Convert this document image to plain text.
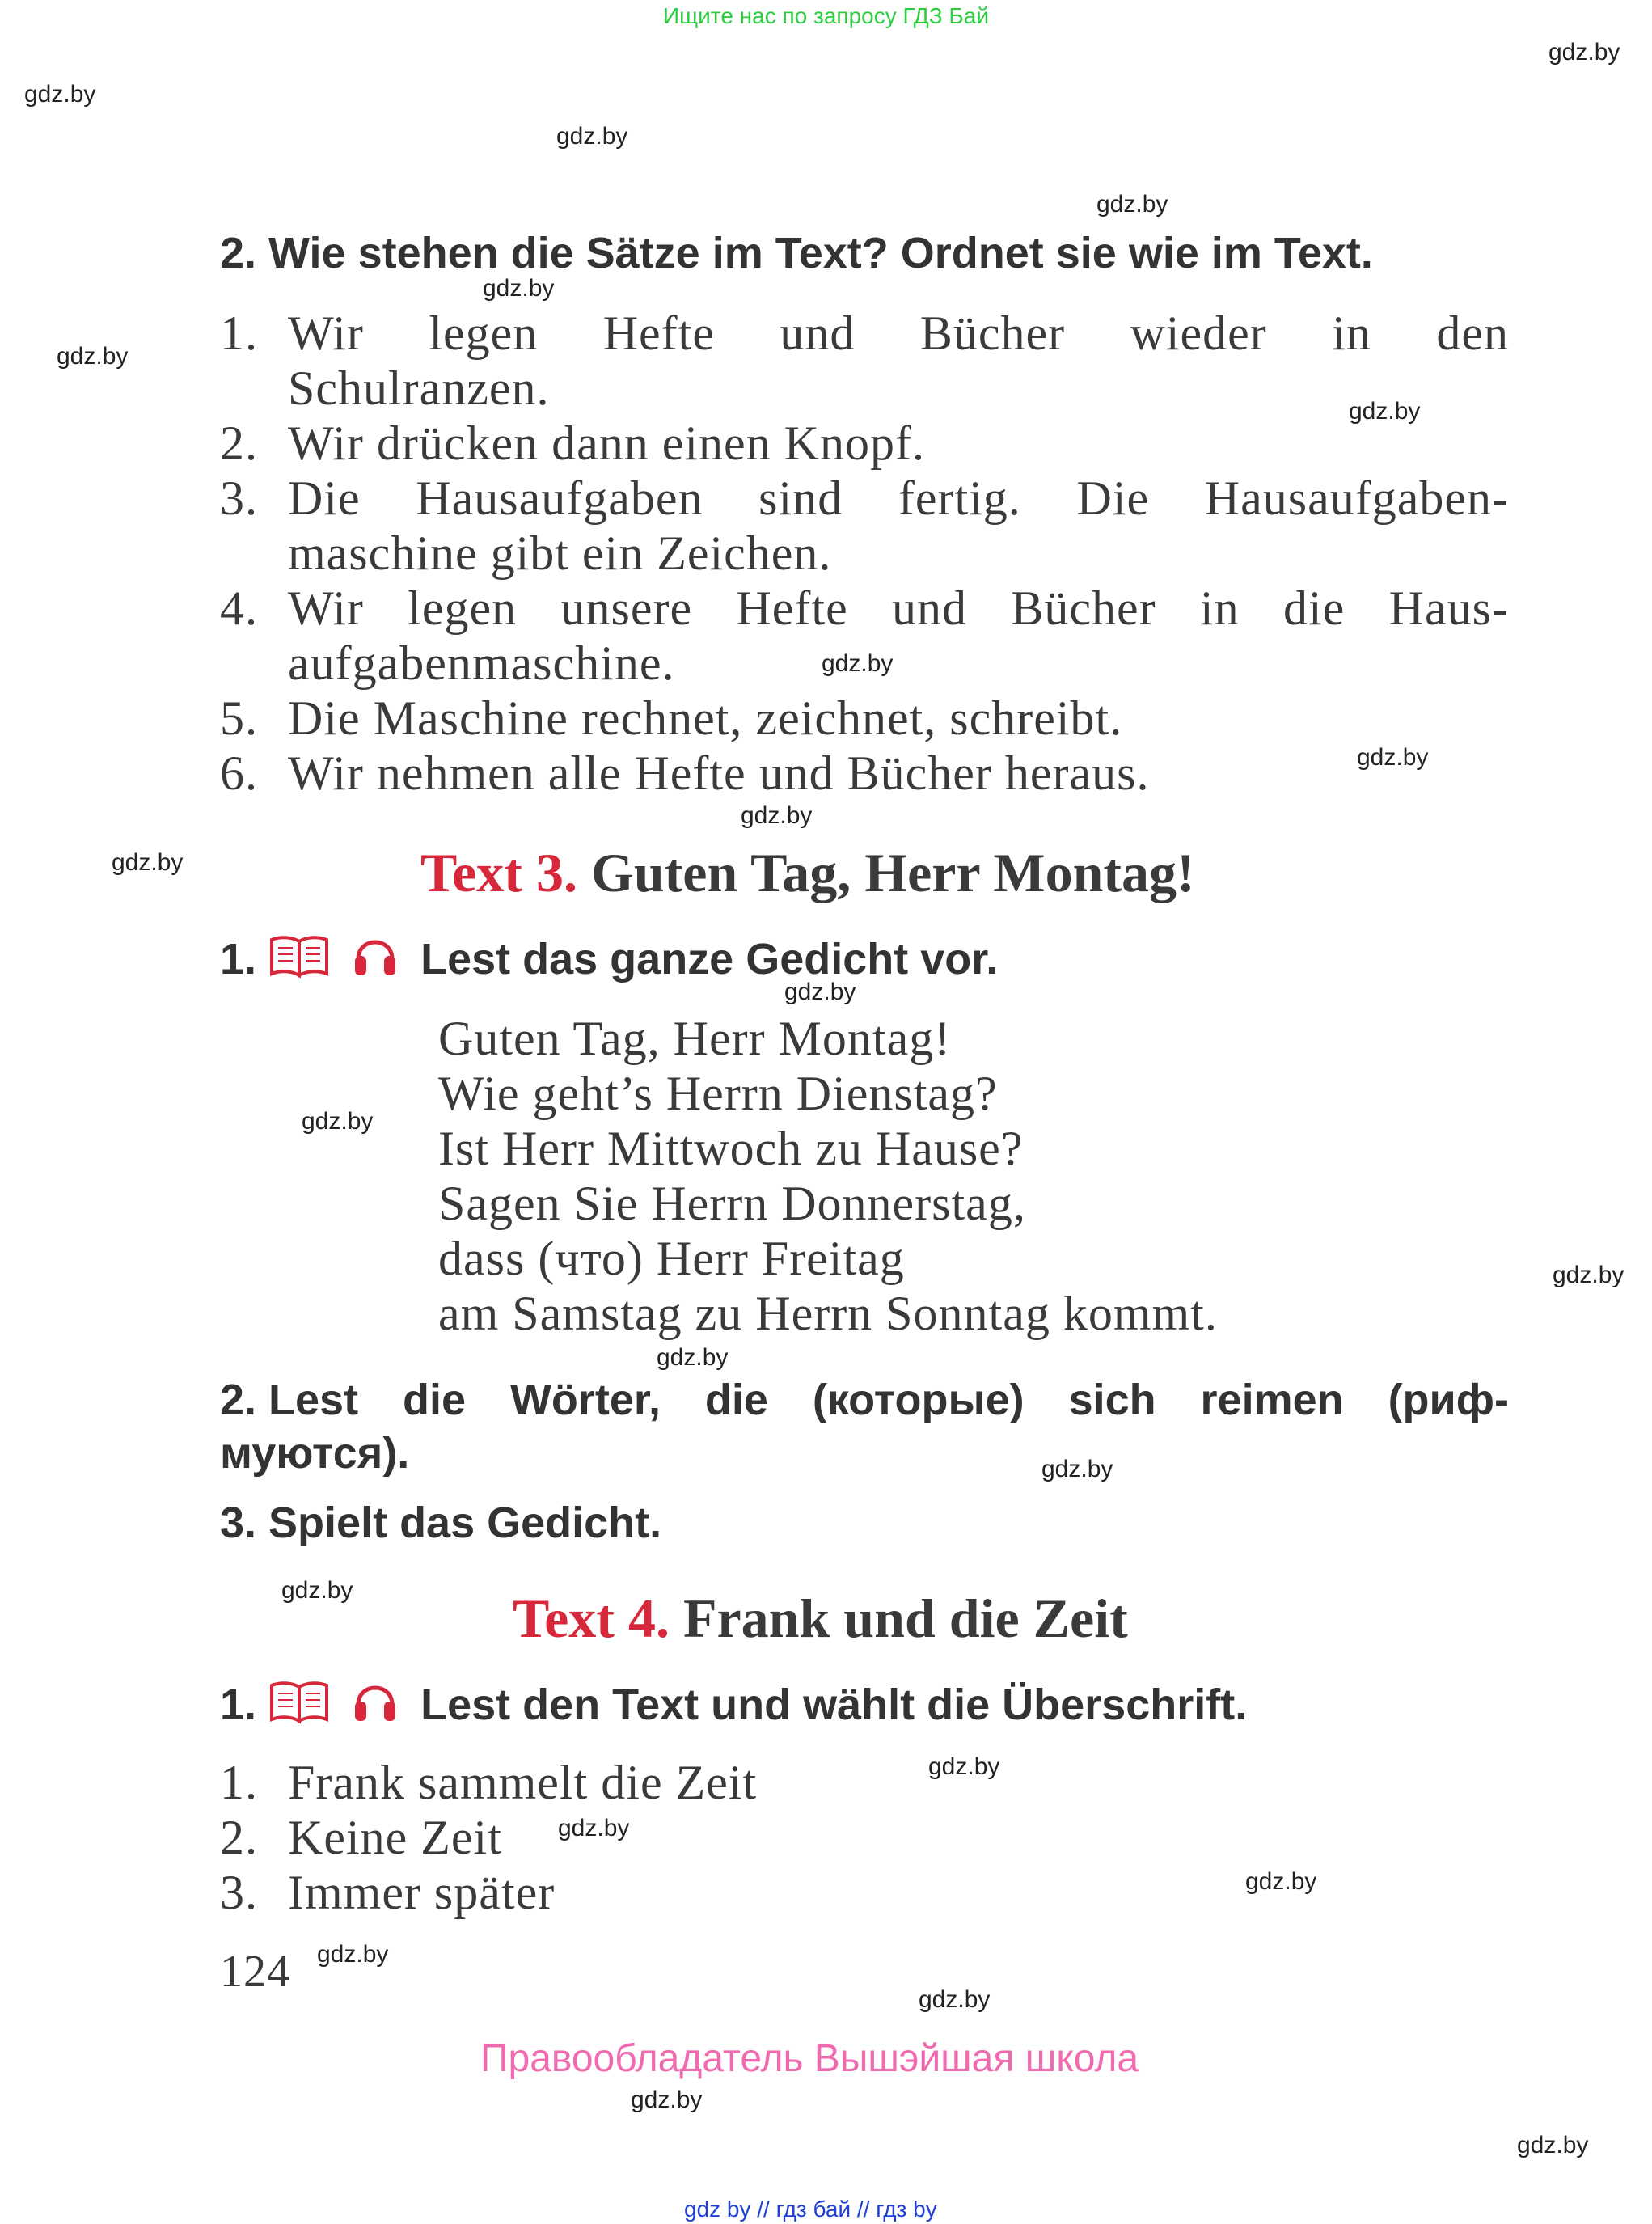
Ищите нас по запросу ГДЗ Бай
gdz.by
gdz.by
gdz.by
gdz.by
gdz.by
gdz.by
gdz.by
gdz.by
gdz.by
gdz.by
gdz.by
gdz.by
gdz.by
gdz.by
gdz.by
gdz.by
gdz.by
gdz.by
gdz.by
gdz.by
gdz.by
gdz.by
gdz.by
gdz.by
2. Wie stehen die Sätze im Text? Ordnet sie wie im Text.
1. Wir legen Hefte und Bücher wieder in den
Schulranzen.
2. Wir drücken dann einen Knopf.
3. Die Hausaufgaben sind fertig. Die Hausaufgaben-
maschine gibt ein Zeichen.
4. Wir legen unsere Hefte und Bücher in die Haus-
aufgabenmaschine.
5. Die Maschine rechnet, zeichnet, schreibt.
6. Wir nehmen alle Hefte und Bücher heraus.
Text 3. Guten Tag, Herr Montag!
1.	Lest das ganze Gedicht vor.
Guten Tag, Herr Montag!
Wie geht’s Herrn Dienstag?
Ist Herr Mittwoch zu Hause?
Sagen Sie Herrn Donnerstag,
dass (что) Herr Freitag
am Samstag zu Herrn Sonntag kommt.
2. Lest die Wörter, die (которые) sich reimen (риф-
муются).
3. Spielt das Gedicht.
Text 4. Frank und die Zeit
1.	Lest den Text und wählt die Überschrift.
1. Frank sammelt die Zeit
2. Keine Zeit
3. Immer später
124
Правообладатель Вышэйшая школа
gdz by // гдз бай // гдз by
